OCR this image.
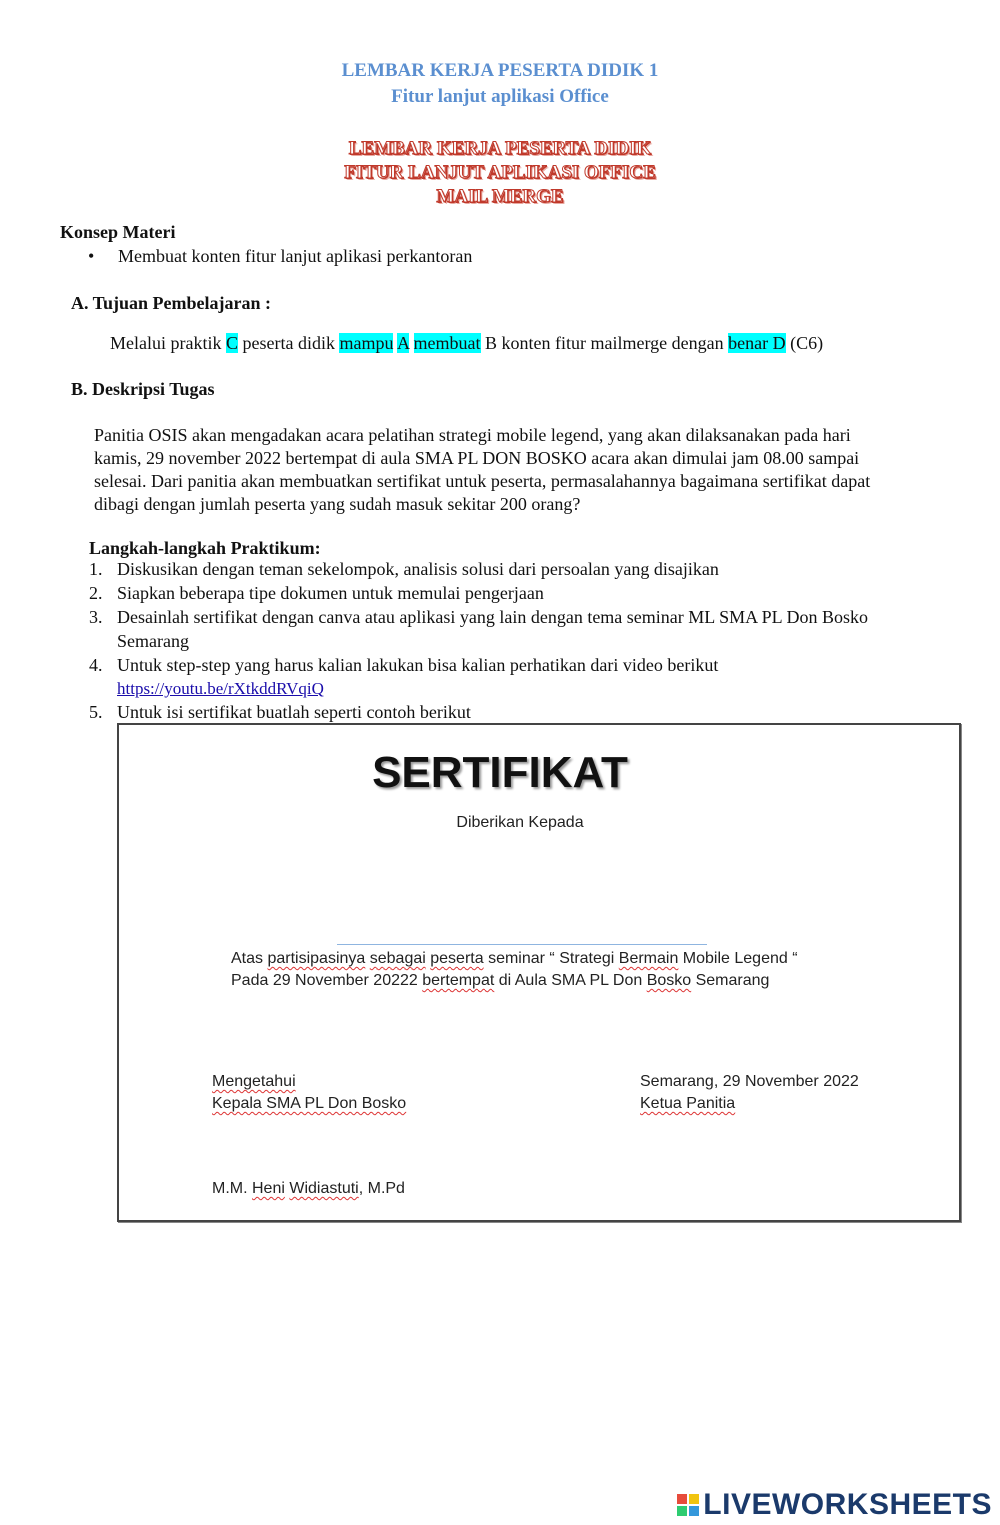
LEMBAR KERJA PESERTA DIDIK 1
Fitur lanjut aplikasi Office
LEMBAR KERJA PESERTA DIDIK
FITUR LANJUT APLIKASI OFFICE
MAIL MERGE
Konsep Materi
• Membuat konten fitur lanjut aplikasi perkantoran
A. Tujuan Pembelajaran :
Melalui praktik C peserta didik mampu A membuat B konten fitur mailmerge dengan benar D (C6)
B. Deskripsi Tugas
Panitia OSIS akan mengadakan acara pelatihan strategi mobile legend, yang akan dilaksanakan pada hari
kamis, 29 november 2022 bertempat di aula SMA PL DON BOSKO acara akan dimulai jam 08.00 sampai
selesai. Dari panitia akan membuatkan sertifikat untuk peserta, permasalahannya bagaimana sertifikat dapat
dibagi dengan jumlah peserta yang sudah masuk sekitar 200 orang?
Langkah-langkah Praktikum:
1. Diskusikan dengan teman sekelompok, analisis solusi dari persoalan yang disajikan
2. Siapkan beberapa tipe dokumen untuk memulai pengerjaan
3. Desainlah sertifikat dengan canva atau aplikasi yang lain dengan tema seminar ML SMA PL Don Bosko
Semarang
4. Untuk step-step yang harus kalian lakukan bisa kalian perhatikan dari video berikut
https://youtu.be/rXtkddRVqiQ
5. Untuk isi sertifikat buatlah seperti contoh berikut
SERTIFIKAT
Diberikan Kepada
Atas partisipasinya sebagai peserta seminar “ Strategi Bermain Mobile Legend “
Pada 29 November 20222 bertempat di Aula SMA PL Don Bosko Semarang
Mengetahui
Kepala SMA PL Don Bosko
M.M. Heni Widiastuti, M.Pd
Semarang, 29 November 2022
Ketua Panitia
LIVEWORKSHEETS
